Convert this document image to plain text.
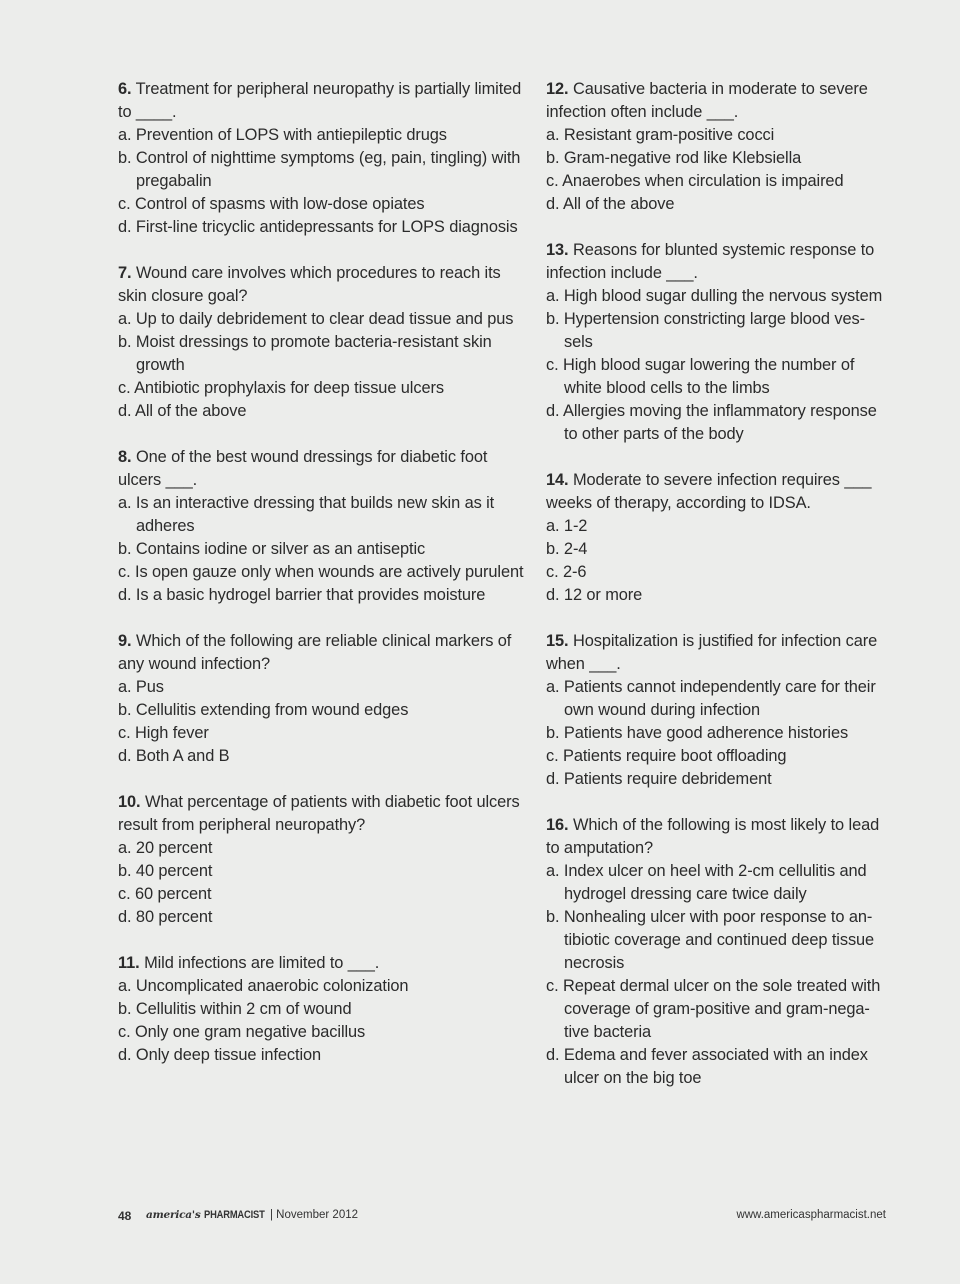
6. Treatment for peripheral neuropathy is partially limited to ____.

a. Prevention of LOPS with antiepileptic drugs
b. Control of nighttime symptoms (eg, pain, tingling) with pregabalin
c. Control of spasms with low-dose opiates
d. First-line tricyclic antidepressants for LOPS diagnosis

7. Wound care involves which procedures to reach its skin closure goal?

a. Up to daily debridement to clear dead tissue and pus
b. Moist dressings to promote bacteria-resistant skin growth
c. Antibiotic prophylaxis for deep tissue ulcers
d. All of the above

8. One of the best wound dressings for diabetic foot ulcers ___.

a. Is an interactive dressing that builds new skin as it adheres
b. Contains iodine or silver as an antiseptic
c. Is open gauze only when wounds are actively purulent
d. Is a basic hydrogel barrier that provides moisture

9. Which of the following are reliable clinical markers of any wound infection?

a. Pus
b. Cellulitis extending from wound edges
c. High fever
d. Both A and B

10. What percentage of patients with diabetic foot ulcers result from peripheral neuropathy?

a. 20 percent
b. 40 percent
c. 60 percent
d. 80 percent

11. Mild infections are limited to ___.

a. Uncomplicated anaerobic colonization
b. Cellulitis within 2 cm of wound
c. Only one gram negative bacillus
d. Only deep tissue infection

12. Causative bacteria in moderate to severe infection often include ___.

a. Resistant gram-positive cocci
b. Gram-negative rod like Klebsiella
c. Anaerobes when circulation is impaired
d. All of the above

13. Reasons for blunted systemic response to infection include ___.

a. High blood sugar dulling the nervous system
b. Hypertension constricting large blood ves-sels
c. High blood sugar lowering the number of white blood cells to the limbs
d. Allergies moving the inflammatory response to other parts of the body

14. Moderate to severe infection requires ___ weeks of therapy, according to IDSA.

a. 1-2
b. 2-4
c. 2-6
d. 12 or more

15. Hospitalization is justified for infection care when ___.

a. Patients cannot independently care for their own wound during infection
b. Patients have good adherence histories
c. Patients require boot offloading
d. Patients require debridement

16. Which of the following is most likely to lead to amputation?

a. Index ulcer on heel with 2-cm cellulitis and hydrogel dressing care twice daily
b. Nonhealing ulcer with poor response to an-tibiotic coverage and continued deep tissue necrosis
c. Repeat dermal ulcer on the sole treated with coverage of gram-positive and gram-nega-tive bacteria
d. Edema and fever associated with an index ulcer on the big toe
48 america's PHARMACIST | November 2012	www.americaspharmacist.net
